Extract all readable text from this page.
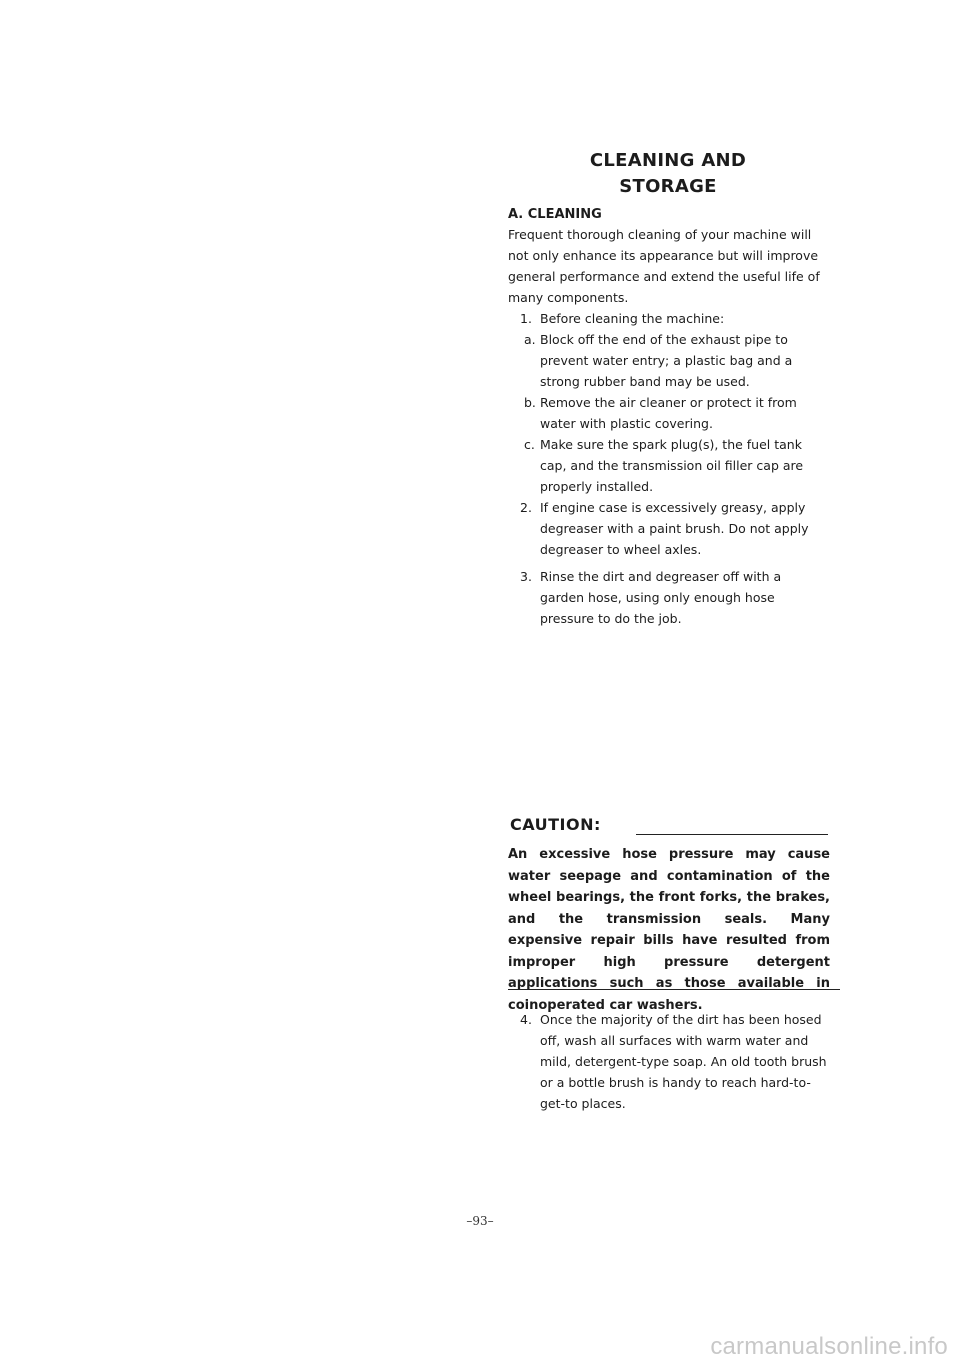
CLEANING AND
STORAGE
A. CLEANING
Frequent thorough cleaning of your machine will not only enhance its appearance but will improve general performance and extend the useful life of many components.
1. Before cleaning the machine:
a. Block off the end of the exhaust pipe to prevent water entry; a plastic bag and a strong rubber band may be used.
b. Remove the air cleaner or protect it from water with plastic covering.
c. Make sure the spark plug(s), the fuel tank cap, and the transmission oil filler cap are properly installed.
2. If engine case is excessively greasy, apply degreaser with a paint brush. Do not apply degreaser to wheel axles.
3. Rinse the dirt and degreaser off with a garden hose, using only enough hose pressure to do the job.
CAUTION:
An excessive hose pressure may cause water seepage and contamination of the wheel bearings, the front forks, the brakes, and the transmission seals. Many expensive repair bills have resulted from improper high pressure detergent applications such as those available in coinoperated car washers.
4. Once the majority of the dirt has been hosed off, wash all surfaces with warm water and mild, detergent-type soap. An old tooth brush or a bottle brush is handy to reach hard-to-get-to places.
–93–
carmanualsonline.info
